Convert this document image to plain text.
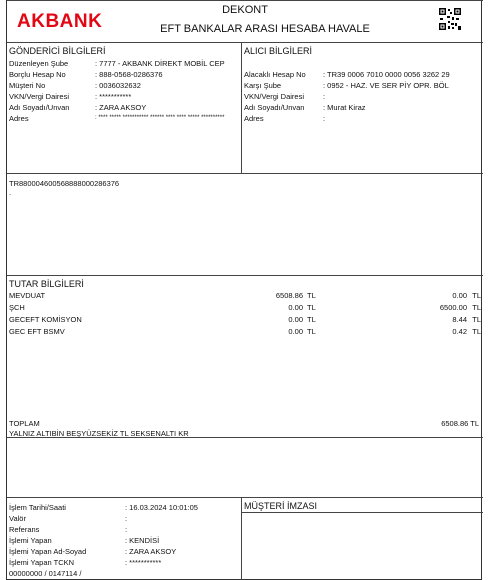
AKBANK
DEKONT
EFT BANKALAR ARASI HESABA HAVALE
GÖNDERİCİ BİLGİLERİ
Düzenleyen Şube	: 7777 - AKBANK DİREKT MOBİL CEP
Borçlu Hesap No	: 888-0568-0286376
Müşteri No	: 0036032632
VKN/Vergi Dairesi	: ***********
Adı Soyadı/Unvan	: ZARA AKSOY
Adres	: **** ***** *********** ****** **** **** ***** **********
ALICI BİLGİLERİ
Alacaklı Hesap No : TR39 0006 7010 0000 0056 3262 29
Karşı Şube	: 0952 - HAZ. VE SER PİY OPR. BÖL
VKN/Vergi Dairesi	:
Adı Soyadı/Unvan : Murat Kiraz
Adres	:
TR880004600568888000286376
.
TUTAR BİLGİLERİ
MEVDUAT	6508.86 TL	0.00 TL
ŞCH	0.00 TL	6500.00 TL
GECEFT KOMİSYON	0.00 TL	8.44 TL
GEC EFT BSMV	0.00 TL	0.42 TL
TOPLAM	6508.86 TL
YALNIZ ALTIBİN BEŞYÜZSEKİZ TL SEKSENALTI KR
İşlem Tarihi/Saati	: 16.03.2024 10:01:05
Valör	:
Referans	:
İşlemi Yapan	: KENDİSİ
İşlemi Yapan Ad-Soyad	: ZARA AKSOY
İşlemi Yapan TCKN	: ***********
00000000 / 0147114 /
MÜŞTERİ İMZASI
